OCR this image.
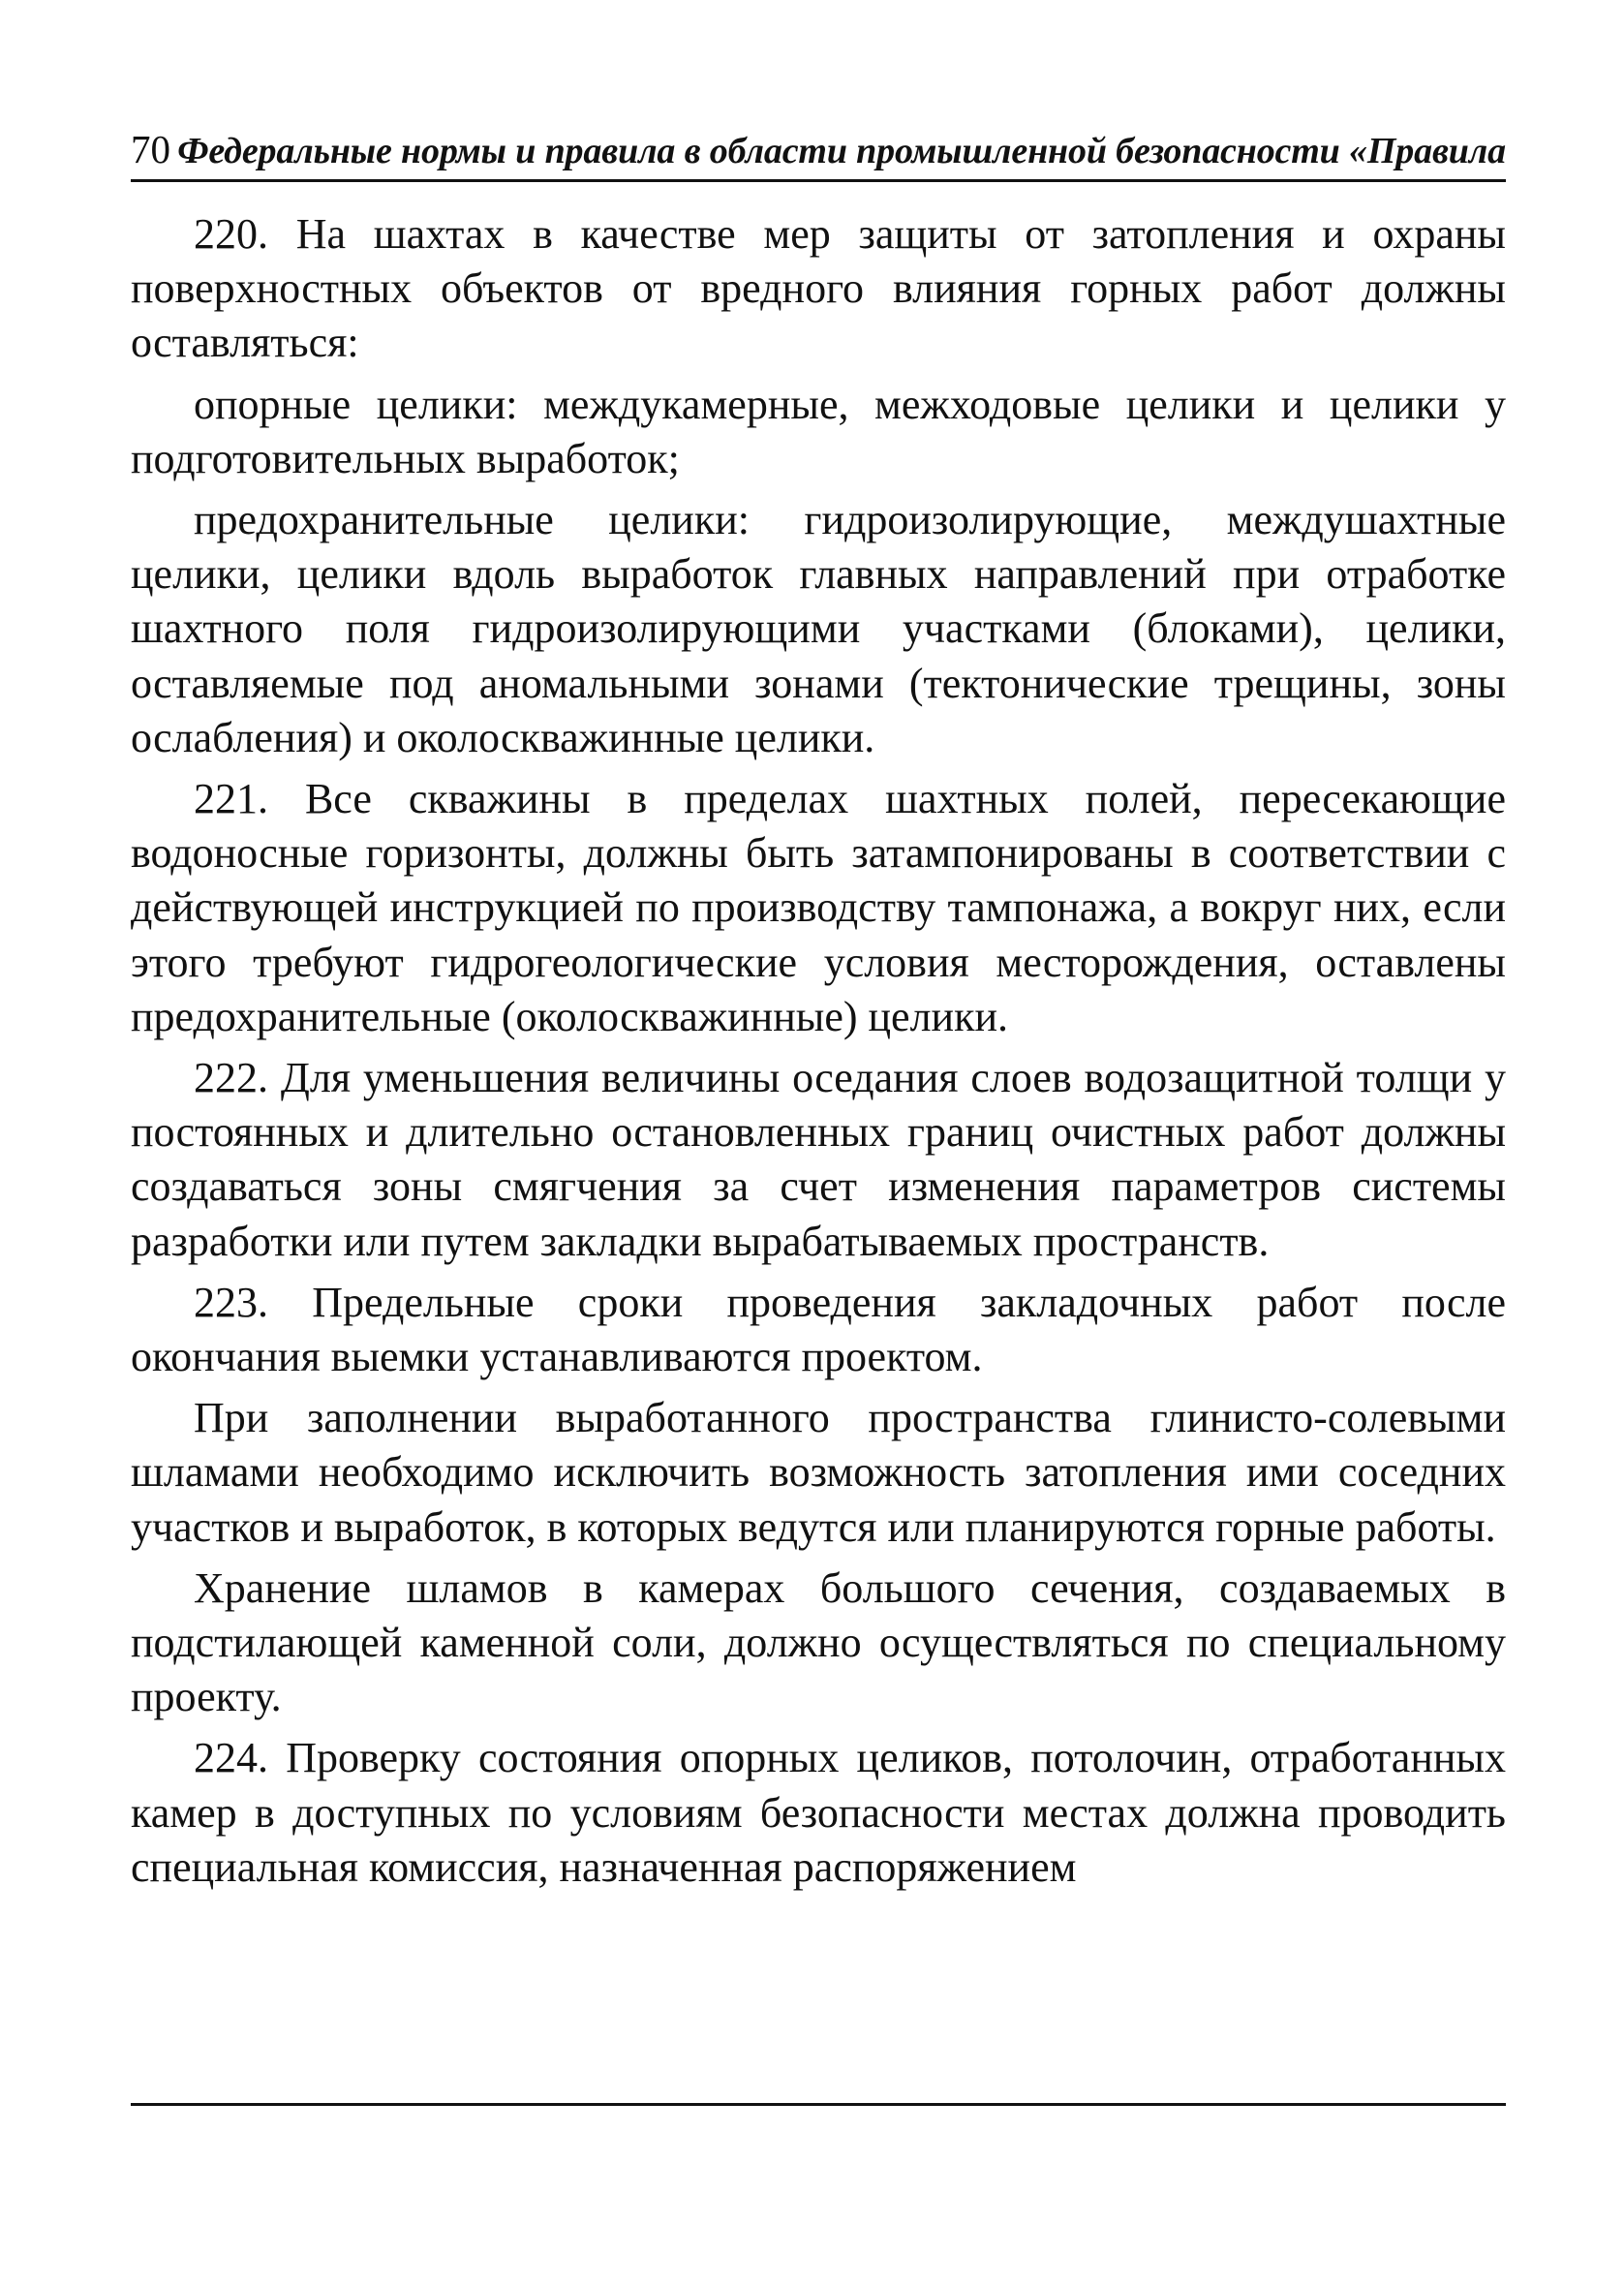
70 Федеральные нормы и правила в области промышленной безопасности «Правила

220. На шахтах в качестве мер защиты от затопления и охраны поверхностных объектов от вредного влияния горных работ должны оставляться:

опорные целики: междукамерные, межходовые целики и целики у подготовительных выработок;

предохранительные целики: гидроизолирующие, междушахтные целики, целики вдоль выработок главных направлений при отработке шахтного поля гидроизолирующими участками (блоками), целики, оставляемые под аномальными зонами (тектонические трещины, зоны ослабления) и околоскважинные целики.

221. Все скважины в пределах шахтных полей, пересекающие водоносные горизонты, должны быть затампонированы в соответствии с действующей инструкцией по производству тампонажа, а вокруг них, если этого требуют гидрогеологические условия месторождения, оставлены предохранительные (околоскважинные) целики.

222. Для уменьшения величины оседания слоев водозащитной толщи у постоянных и длительно остановленных границ очистных работ должны создаваться зоны смягчения за счет изменения параметров системы разработки или путем закладки вырабатываемых пространств.

223. Предельные сроки проведения закладочных работ после окончания выемки устанавливаются проектом.

При заполнении выработанного пространства глинисто-солевыми шламами необходимо исключить возможность затопления ими соседних участков и выработок, в которых ведутся или планируются горные работы.

Хранение шламов в камерах большого сечения, создаваемых в подстилающей каменной соли, должно осуществляться по специальному проекту.

224. Проверку состояния опорных целиков, потолочин, отработанных камер в доступных по условиям безопасности местах должна проводить специальная комиссия, назначенная распоряжением
